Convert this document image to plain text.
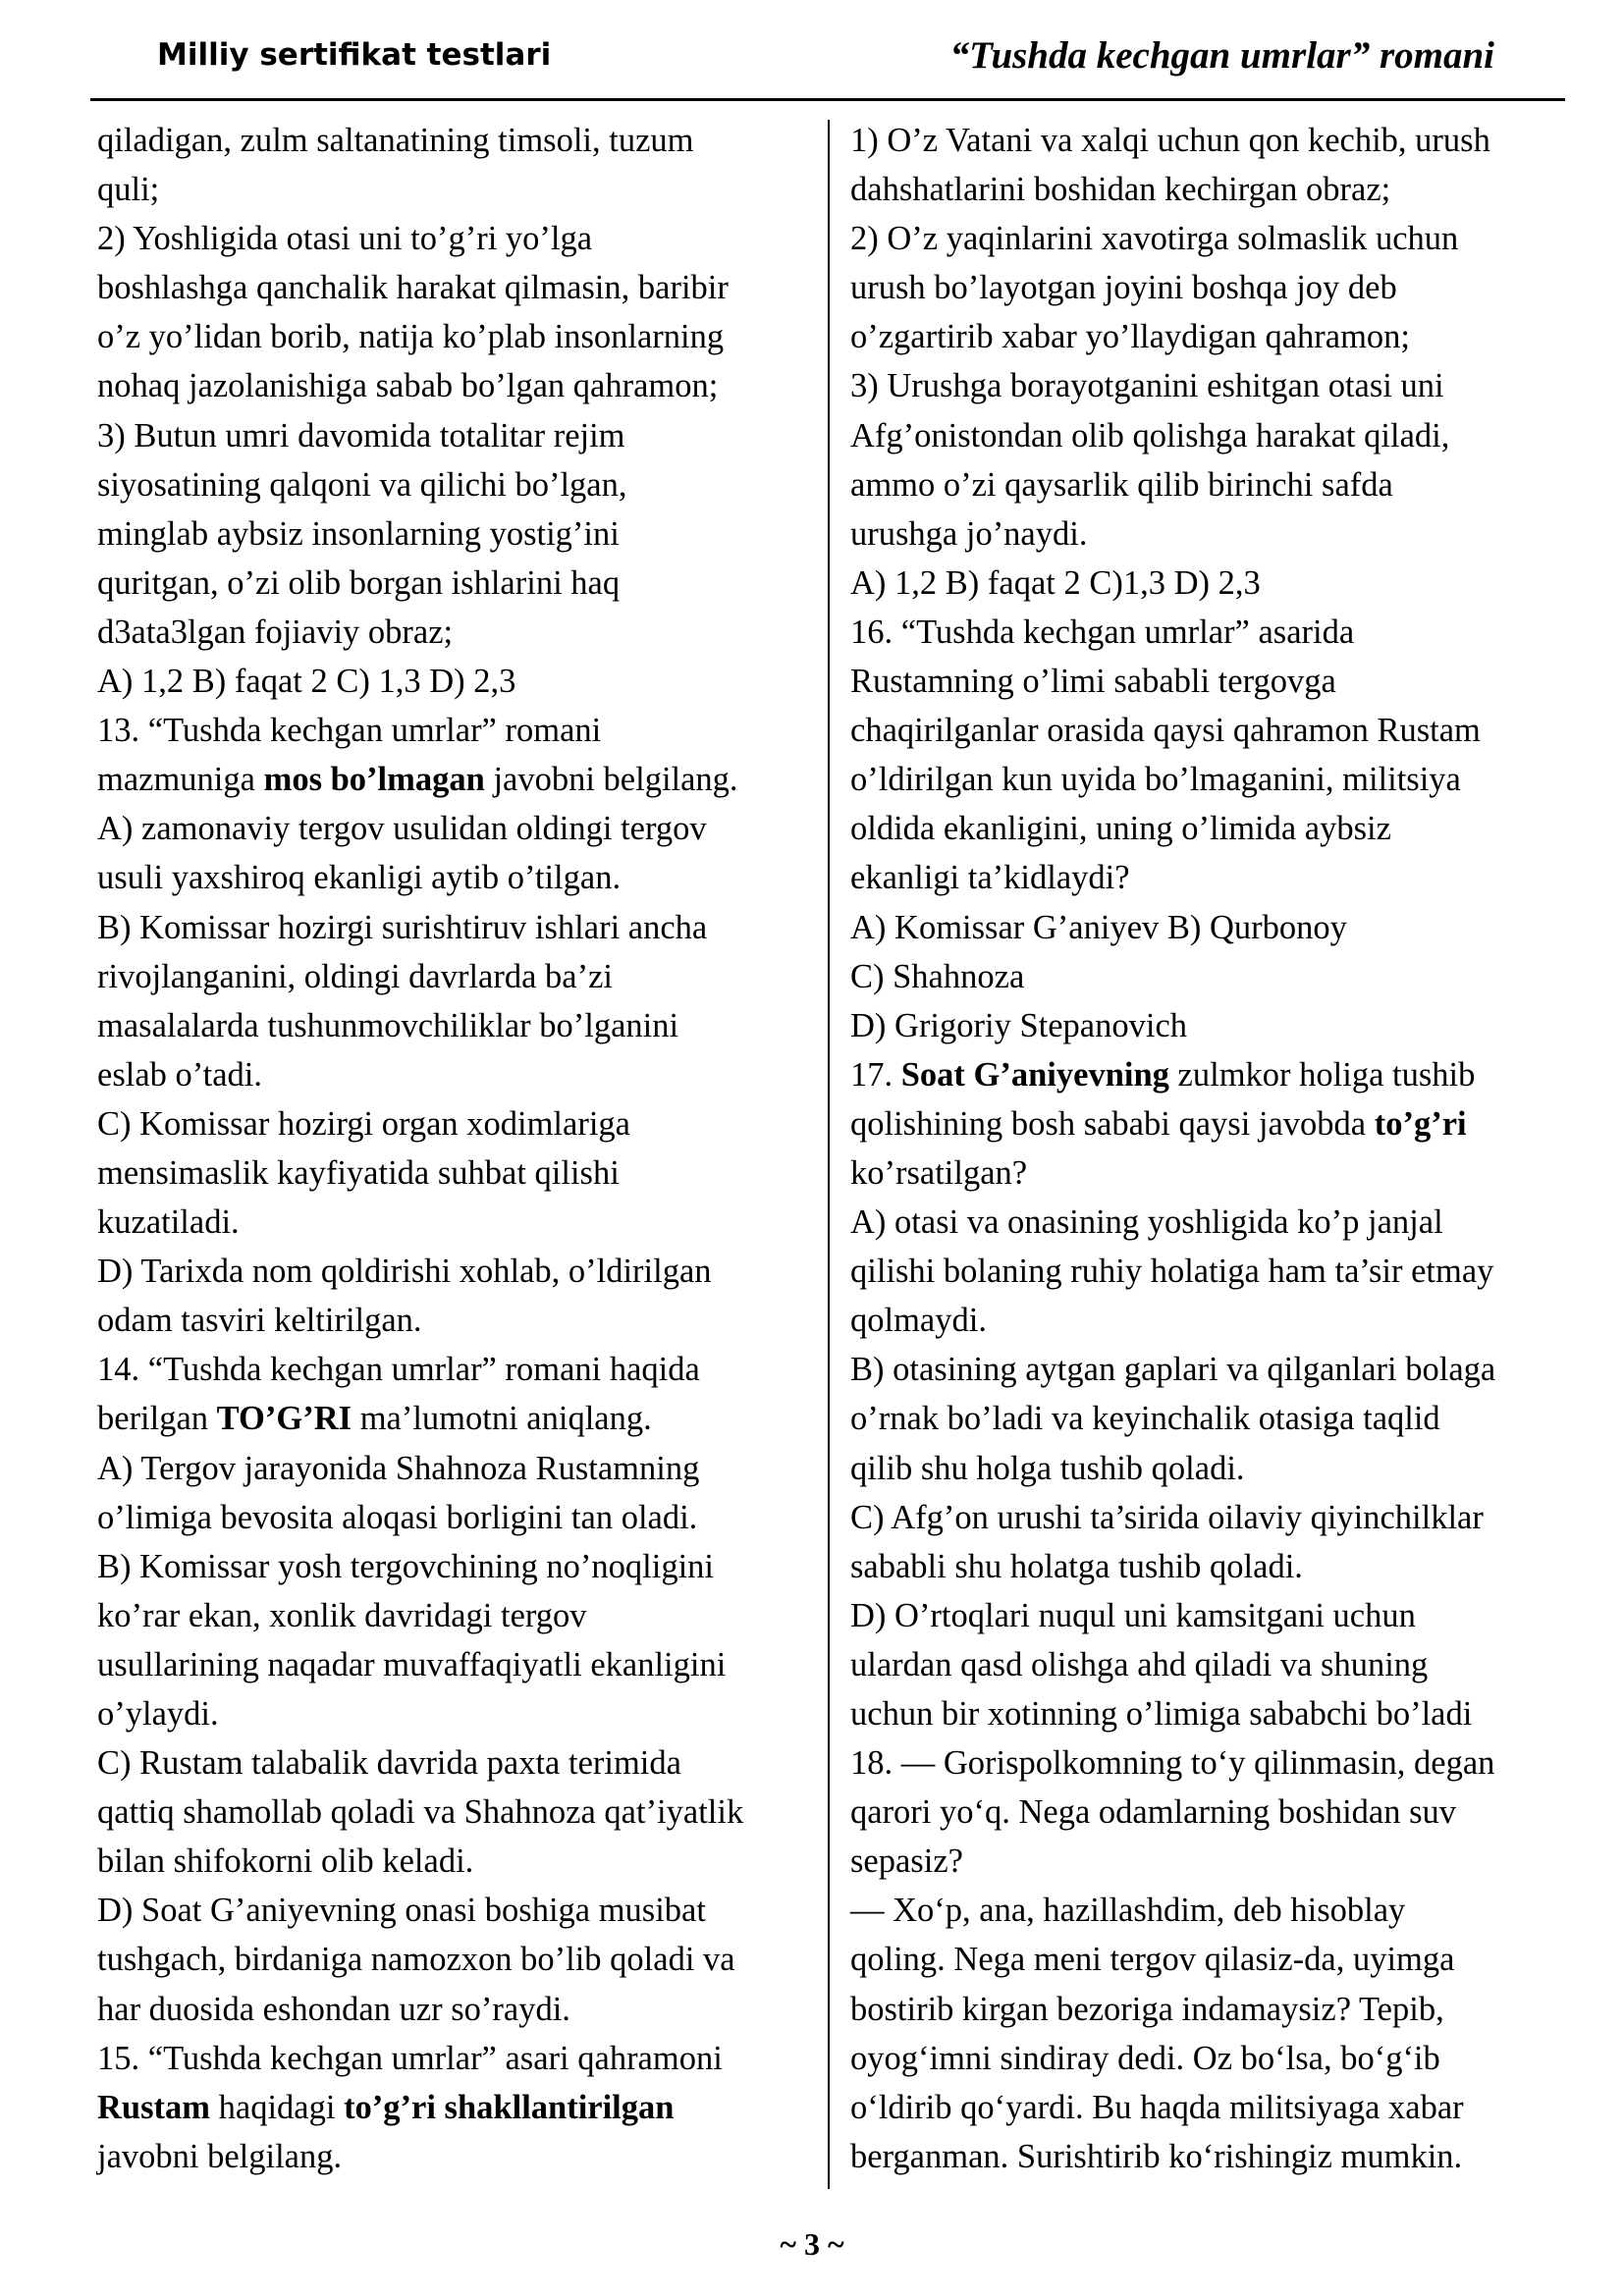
Milliy sertifikat testlari	“Tushda kechgan umrlar” romani
qiladigan, zulm saltanatining timsoli, tuzum
quli;
2) Yoshligida otasi uni to’g’ri yo’lga
boshlashga qanchalik harakat qilmasin, baribir
o’z yo’lidan borib, natija ko’plab insonlarning
nohaq jazolanishiga sabab bo’lgan qahramon;
3) Butun umri davomida totalitar rejim
siyosatining qalqoni va qilichi bo’lgan,
minglab aybsiz insonlarning yostig’ini
quritgan, o’zi olib borgan ishlarini haq
d3ata3lgan fojiaviy obraz;
A) 1,2 B) faqat 2 C) 1,3 D) 2,3
13. “Tushda kechgan umrlar” romani
mazmuniga mos bo’lmagan javobni belgilang.
A) zamonaviy tergov usulidan oldingi tergov
usuli yaxshiroq ekanligi aytib o’tilgan.
B) Komissar hozirgi surishtiruv ishlari ancha
rivojlanganini, oldingi davrlarda ba’zi
masalalarda tushunmovchiliklar bo’lganini
eslab o’tadi.
C) Komissar hozirgi organ xodimlariga
mensimaslik kayfiyatida suhbat qilishi
kuzatiladi.
D) Tarixda nom qoldirishi xohlab, o’ldirilgan
odam tasviri keltirilgan.
14. “Tushda kechgan umrlar” romani haqida
berilgan TO’G’RI ma’lumotni aniqlang.
A) Tergov jarayonida Shahnoza Rustamning
o’limiga bevosita aloqasi borligini tan oladi.
B) Komissar yosh tergovchining no’noqligini
ko’rar ekan, xonlik davridagi tergov
usullarining naqadar muvaffaqiyatli ekanligini
o’ylaydi.
C) Rustam talabalik davrida paxta terimida
qattiq shamollab qoladi va Shahnoza qat’iyatlik
bilan shifokorni olib keladi.
D) Soat G’aniyevning onasi boshiga musibat
tushgach, birdaniga namozxon bo’lib qoladi va
har duosida eshondan uzr so’raydi.
15. “Tushda kechgan umrlar” asari qahramoni
Rustam haqidagi to’g’ri shakllantirilgan
javobni belgilang.
1) O’z Vatani va xalqi uchun qon kechib, urush
dahshatlarini boshidan kechirgan obraz;
2) O’z yaqinlarini xavotirga solmaslik uchun
urush bo’layotgan joyini boshqa joy deb
o’zgartirib xabar yo’llaydigan qahramon;
3) Urushga borayotganini eshitgan otasi uni
Afg’onistondan olib qolishga harakat qiladi,
ammo o’zi qaysarlik qilib birinchi safda
urushga jo’naydi.
A) 1,2 B) faqat 2 C)1,3 D) 2,3
16. “Tushda kechgan umrlar” asarida
Rustamning o’limi sababli tergovga
chaqirilganlar orasida qaysi qahramon Rustam
o’ldirilgan kun uyida bo’lmaganini, militsiya
oldida ekanligini, uning o’limida aybsiz
ekanligi ta’kidlaydi?
A) Komissar G’aniyev B) Qurbonoy
C) Shahnoza
D) Grigoriy Stepanovich
17. Soat G’aniyevning zulmkor holiga tushib
qolishining bosh sababi qaysi javobda to’g’ri
ko’rsatilgan?
A) otasi va onasining yoshligida ko’p janjal
qilishi bolaning ruhiy holatiga ham ta’sir etmay
qolmaydi.
B) otasining aytgan gaplari va qilganlari bolaga
o’rnak bo’ladi va keyinchalik otasiga taqlid
qilib shu holga tushib qoladi.
C) Afg’on urushi ta’sirida oilaviy qiyinchilklar
sababli shu holatga tushib qoladi.
D) O’rtoqlari nuqul uni kamsitgani uchun
ulardan qasd olishga ahd qiladi va shuning
uchun bir xotinning o’limiga sababchi bo’ladi
18. — Gorispolkomning to‘y qilinmasin, degan
qarori yo‘q. Nega odamlarning boshidan suv
sepasiz?
— Xo‘p, ana, hazillashdim, deb hisoblay
qoling. Nega meni tergov qilasiz-da, uyimga
bostirib kirgan bezoriga indamaysiz? Tepib,
oyog‘imni sindiray dedi. Oz bo‘lsa, bo‘g‘ib
o‘ldirib qo‘yardi. Bu haqda militsiyaga xabar
berganman. Surishtirib ko‘rishingiz mumkin.
~ 3 ~
